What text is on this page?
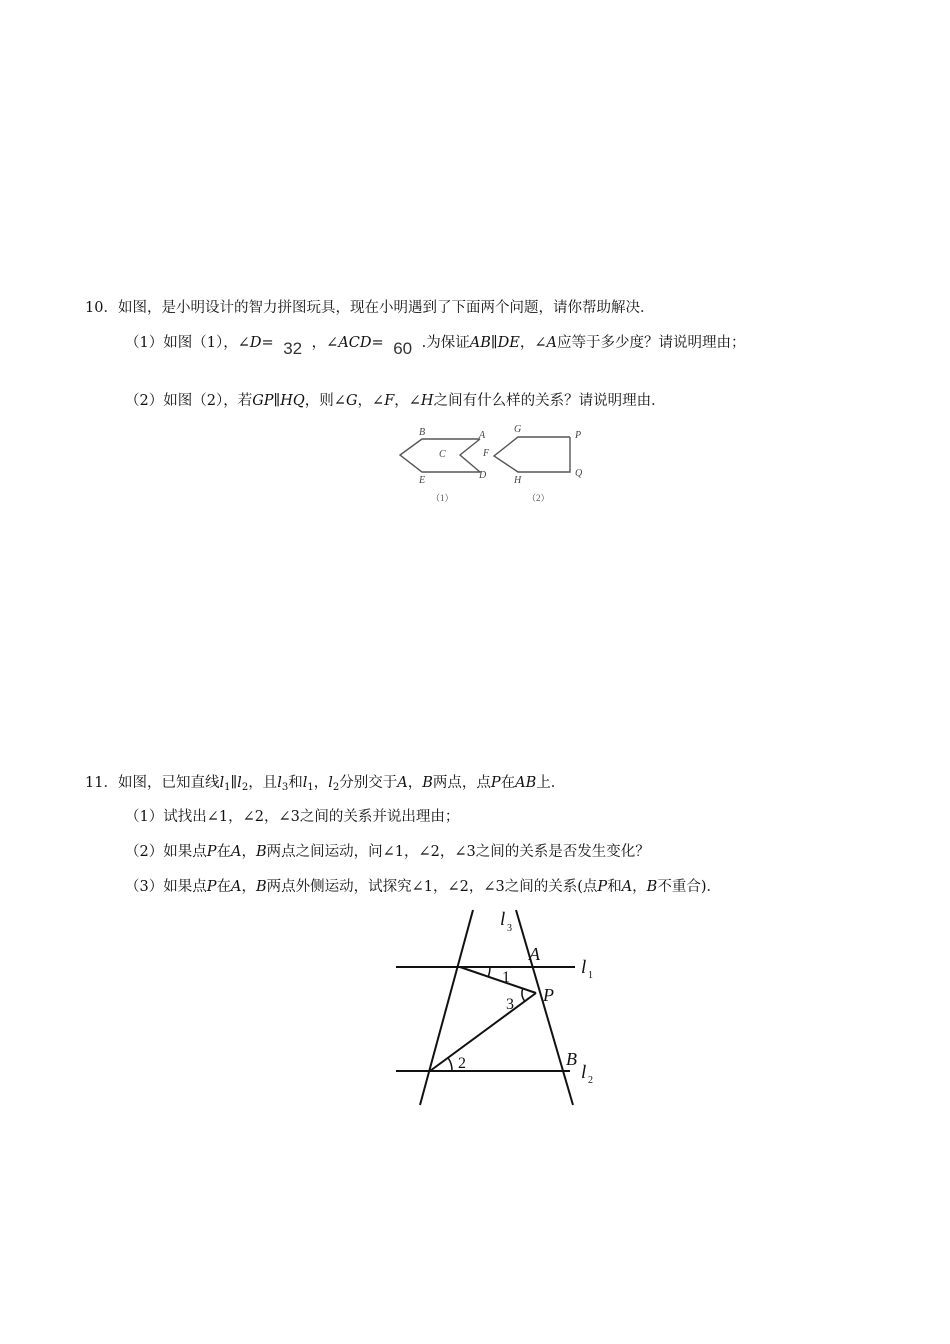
10．如图，是小明设计的智力拼图玩具，现在小明遇到了下面两个问题，请你帮助解决．
（1）如图（1），∠D= 32 ，∠ACD= 60 .为保证AB∥DE，∠A应等于多少度？请说明理由；
（2）如图（2），若GP∥HQ，则∠G，∠F，∠H之间有什么样的关系？请说明理由．
B	A
C
D
E
（1）
G
P
F
Q
H
（2）
11．如图，已知直线$l_1\parallel l_2$，且$l_3$和$l_1$，$l_2$分别交于A，B两点，点P在AB上．
（1）试找出∠1，∠2，∠3之间的关系并说出理由；
（2）如果点P在A，B两点之间运动，问∠1，∠2，∠3之间的关系是否发生变化？
（3）如果点P在A，B两点外侧运动，试探究∠1，∠2，∠3之间的关系(点P和A，B不重合)．
l 3
A
l 1
1
P
3
2	B
l 2
